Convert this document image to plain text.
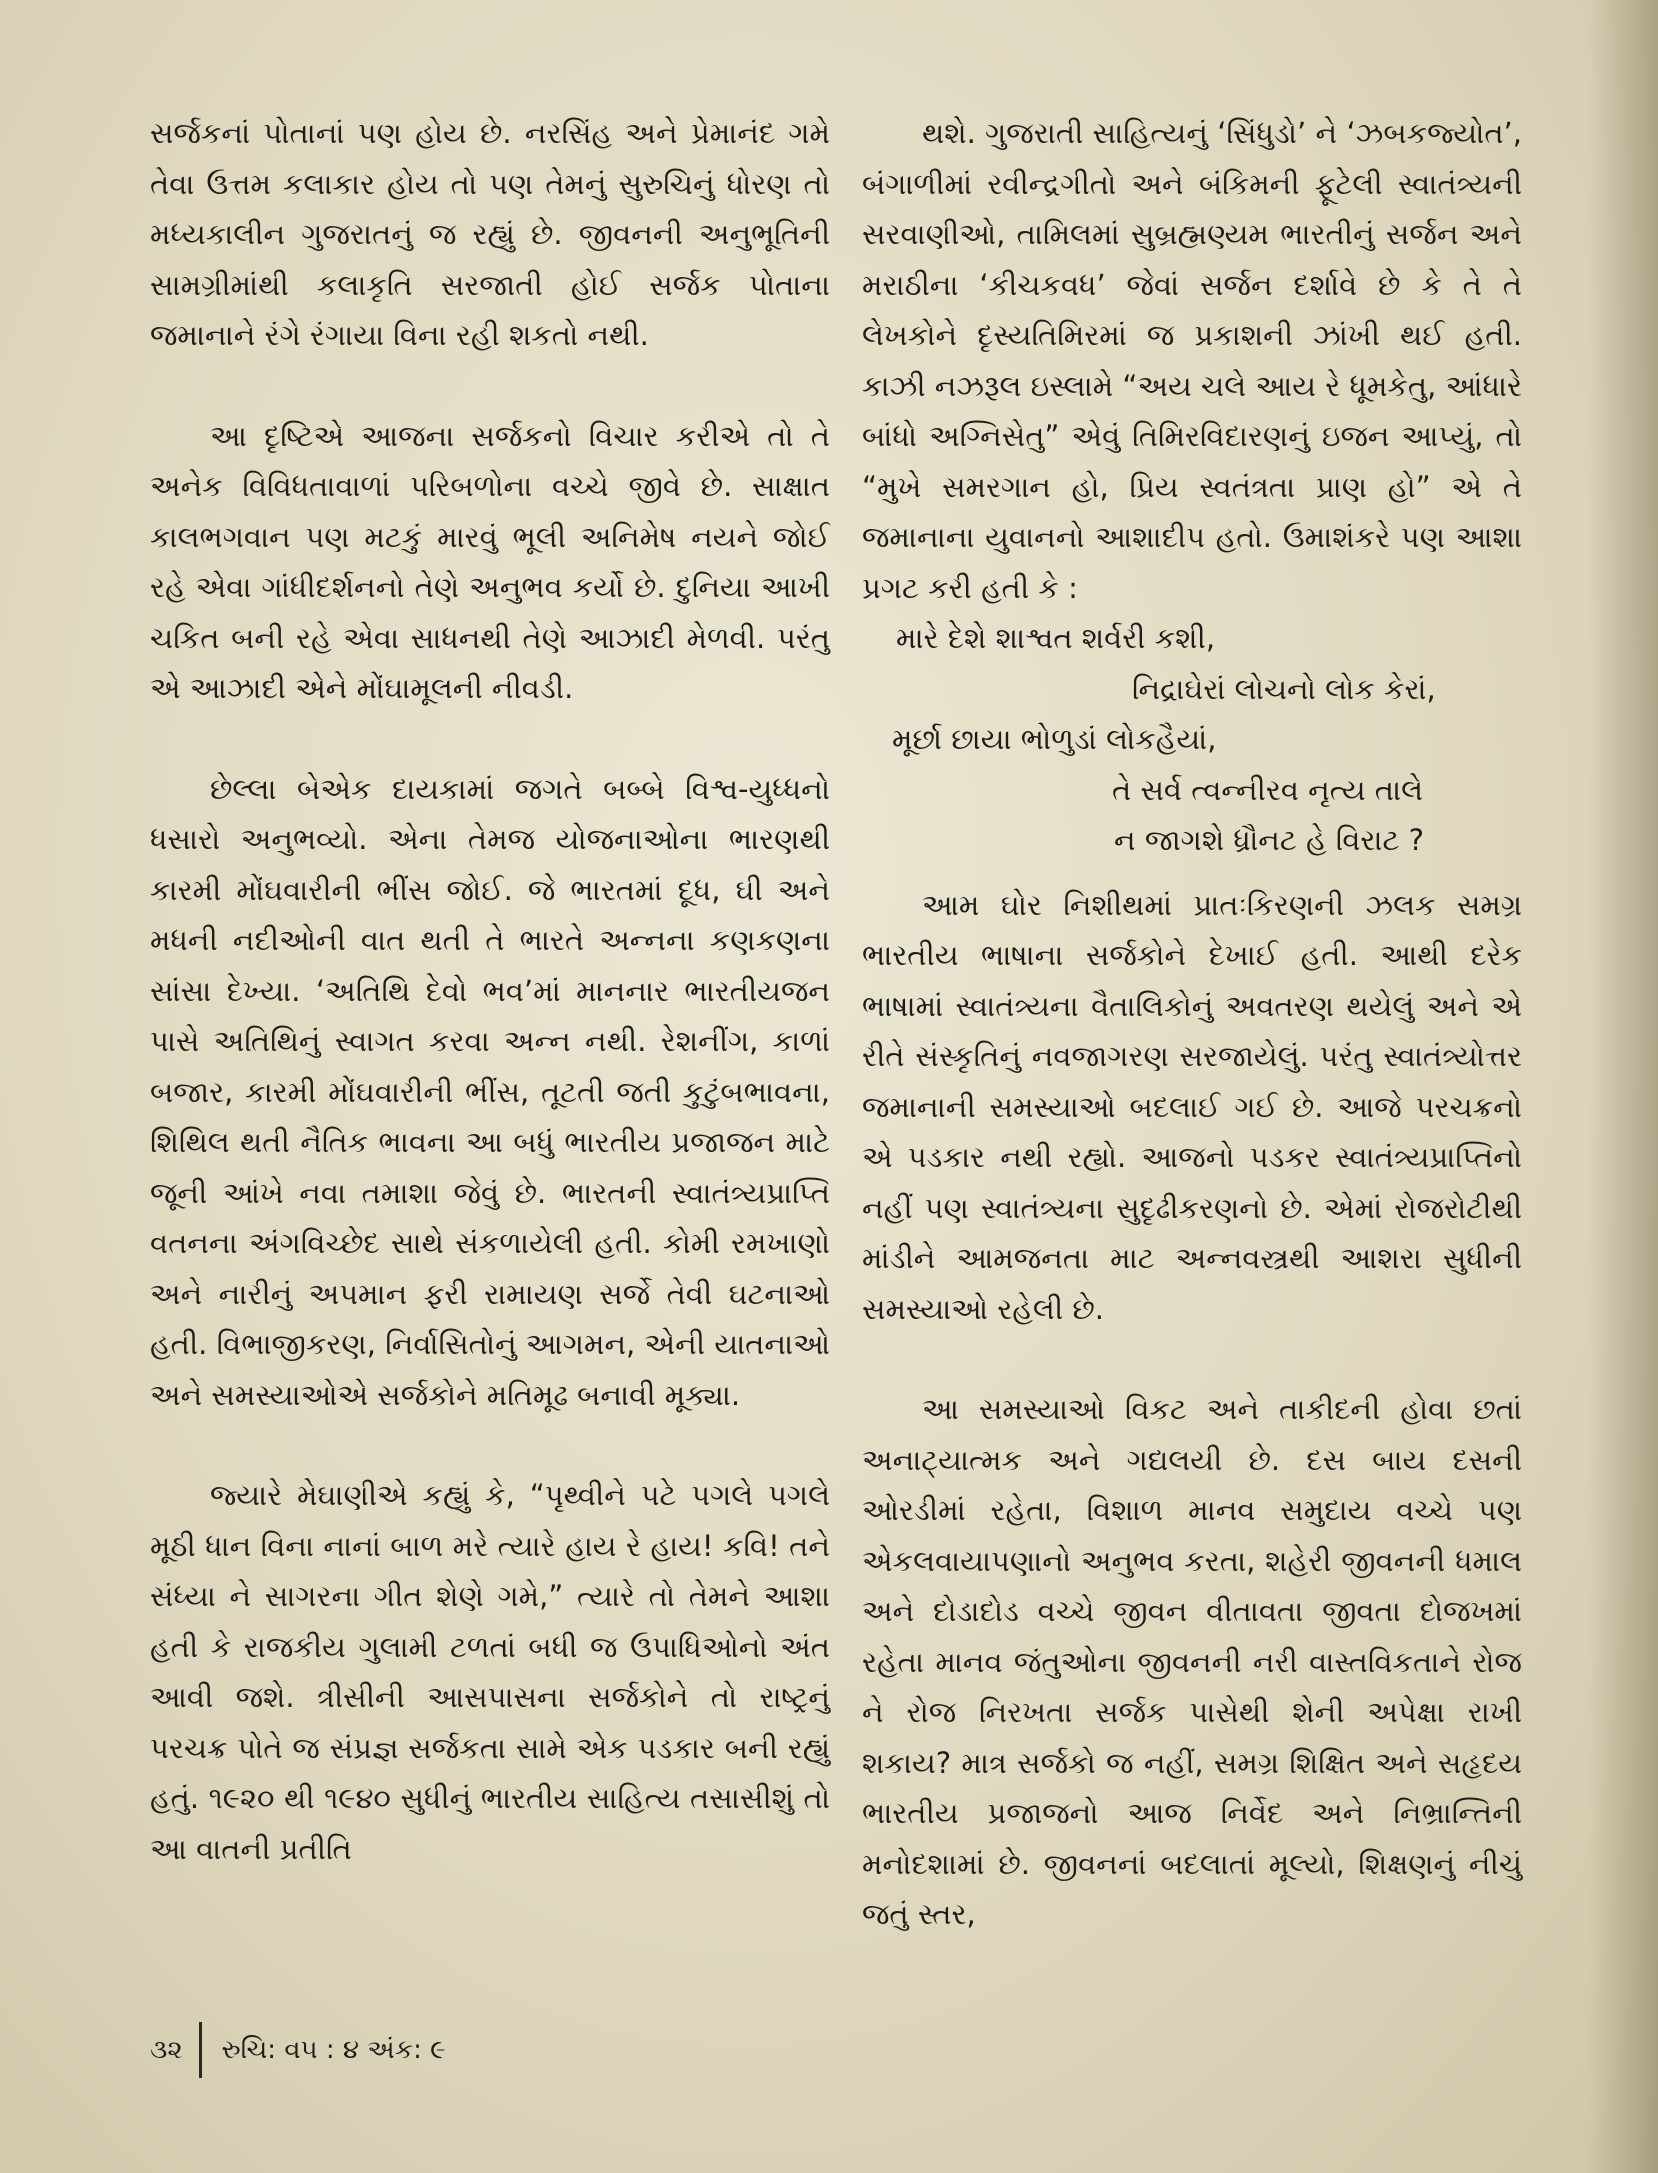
સર્જકનાં પોતાનાં પણ હોય છે. નરસિંહ અને પ્રેમાનંદ ગમે તેવા ઉત્તમ કલાકાર હોય તો પણ તેમનું સુરુચિનું ધોરણ તો મધ્યકાલીન ગુજરાતનું જ રહ્યું છે. જીવનની અનુભૂતિની સામગ્રીમાંથી કલાકૃતિ સરજાતી હોઈ સર્જક પોતાના જમાનાને રંગે રંગાયા વિના રહી શકતો નથી.

આ દૃષ્ટિએ આજના સર્જકનો વિચાર કરીએ તો તે અનેક વિવિધતાવાળાં પરિબળોના વચ્ચે જીવે છે. સાક્ષાત કાલભગવાન પણ મટકું મારવું ભૂલી અનિમેષ નયને જોઈ રહે એવા ગાંધીદર્શનનો તેણે અનુભવ કર્યો છે. દુનિયા આખી ચકિત બની રહે એવા સાધનથી તેણે આઝાદી મેળવી. પરંતુ એ આઝાદી એને મોંઘામૂલની નીવડી.

છેલ્લા બેએક દાયકામાં જગતે બબ્બે વિશ્વ-યુધ્ધનો ધસારો અનુભવ્યો. એના તેમજ યોજનાઓના ભારણથી કારમી મોંઘવારીની ભીંસ જોઈ. જે ભારતમાં દૂધ, ઘી અને મધની નદીઓની વાત થતી તે ભારતે અન્નના કણકણના સાંસા દેખ્યા. ‘અતિથિ દેવો ભવ’માં માનનાર ભારતીયજન પાસે અતિથિનું સ્વાગત કરવા અન્ન નથી. રેશનીંગ, કાળાં બજાર, કારમી મોંઘવારીની ભીંસ, તૂટતી જતી કુટુંબભાવના, શિથિલ થતી નૈતિક ભાવના આ બધું ભારતીય પ્રજાજન માટે જૂની આંખે નવા તમાશા જેવું છે. ભારતની સ્વાતંત્ર્યપ્રાપ્તિ વતનના અંગવિચ્છેદ સાથે સંકળાયેલી હતી. કોમી રમખાણો અને નારીનું અપમાન ફરી રામાયણ સર્જે તેવી ઘટનાઓ હતી. વિભાજીકરણ, નિર્વાસિતોનું આગમન, એની યાતનાઓ અને સમસ્યાઓએ સર્જકોને મતિમૂઢ બનાવી મૂક્યા.

જ્યારે મેઘાણીએ કહ્યું કે, “પૃથ્વીને પટે પગલે પગલે મૂઠી ધાન વિના નાનાં બાળ મરે ત્યારે હાય રે હાય! કવિ! તને સંધ્યા ને સાગરના ગીત શેણે ગમે,” ત્યારે તો તેમને આશા હતી કે રાજકીય ગુલામી ટળતાં બધી જ ઉપાધિઓનો અંત આવી જશે. ત્રીસીની આસપાસના સર્જકોને તો રાષ્ટ્રનું પરચક્ર પોતે જ સંપ્રજ્ઞ સર્જકતા સામે એક પડકાર બની રહ્યું હતું. ૧૯૨૦ થી ૧૯૪૦ સુધીનું ભારતીય સાહિત્ય તસાસીશું તો આ વાતની પ્રતીતિ

થશે. ગુજરાતી સાહિત્યનું ‘સિંધુડો’ ને ‘ઝબકજ્યોત’, બંગાળીમાં રવીન્દ્રગીતો અને બંકિમની ફૂટેલી સ્વાતંત્ર્યની સરવાણીઓ, તામિલમાં સુબ્રહ્મણ્યમ ભારતીનું સર્જન અને મરાઠીના ‘કીચકવધ’ જેવાં સર્જન દર્શાવે છે કે તે તે લેખકોને દૃસ્યતિમિરમાં જ પ્રકાશની ઝાંખી થઈ હતી. કાઝી નઝરૂલ ઇસ્લામે “અય ચલે આય રે ધૂમકેતુ, આંધારે બાંધો અગ્નિસેતુ” એવું તિમિરવિદારણનું ઇજન આપ્યું, તો “મુખે સમરગાન હો, પ્રિય સ્વતંત્રતા પ્રાણ હો” એ તે જમાનાના યુવાનનો આશાદીપ હતો. ઉમાશંકરે પણ આશા પ્રગટ કરી હતી કે :

મારે દેશે શાશ્વત શર્વરી કશી,
નિદ્રાઘેરાં લોચનો લોક કેરાં,
મૂર્છા છાયા ભોળુડાં લોકહૈયાં,
તે સર્વ ત્વન્નીરવ નૃત્ય તાલે
ન જાગશે ધ્રૌનટ હે વિરાટ ?

આમ ઘોર નિશીથમાં પ્રાતઃકિરણની ઝલક સમગ્ર ભારતીય ભાષાના સર્જકોને દેખાઈ હતી. આથી દરેક ભાષામાં સ્વાતંત્ર્યના વૈતાલિકોનું અવતરણ થયેલું અને એ રીતે સંસ્કૃતિનું નવજાગરણ સરજાયેલું. પરંતુ સ્વાતંત્ર્યોત્તર જમાનાની સમસ્યાઓ બદલાઈ ગઈ છે. આજે પરચક્રનો એ પડકાર નથી રહ્યો. આજનો પડકર સ્વાતંત્ર્યપ્રાપ્તિનો નહીં પણ સ્વાતંત્ર્યના સુદૃઢીકરણનો છે. એમાં રોજરોટીથી માંડીને આમજનતા માટ અન્નવસ્ત્રથી આશરા સુધીની સમસ્યાઓ રહેલી છે.

આ સમસ્યાઓ વિકટ અને તાકીદની હોવા છતાં અનાટ્યાત્મક અને ગદ્યલયી છે. દસ બાય દસની ઓરડીમાં રહેતા, વિશાળ માનવ સમુદાય વચ્ચે પણ એકલવાયાપણાનો અનુભવ કરતા, શહેરી જીવનની ધમાલ અને દોડાદોડ વચ્ચે જીવન વીતાવતા જીવતા દોજખમાં રહેતા માનવ જંતુઓના જીવનની નરી વાસ્તવિકતાને રોજ ને રોજ નિરખતા સર્જક પાસેથી શેની અપેક્ષા રાખી શકાય? માત્ર સર્જકો જ નહીં, સમગ્ર શિક્ષિત અને સહૃદય ભારતીય પ્રજાજનો આજ નિર્વેદ અને નિભ્રાન્તિની મનોદશામાં છે. જીવનનાં બદલાતાં મૂલ્યો, શિક્ષણનું નીચું જતું સ્તર,

૩૨	રુચિ: વ૫ : ૪ અંક: ૯
